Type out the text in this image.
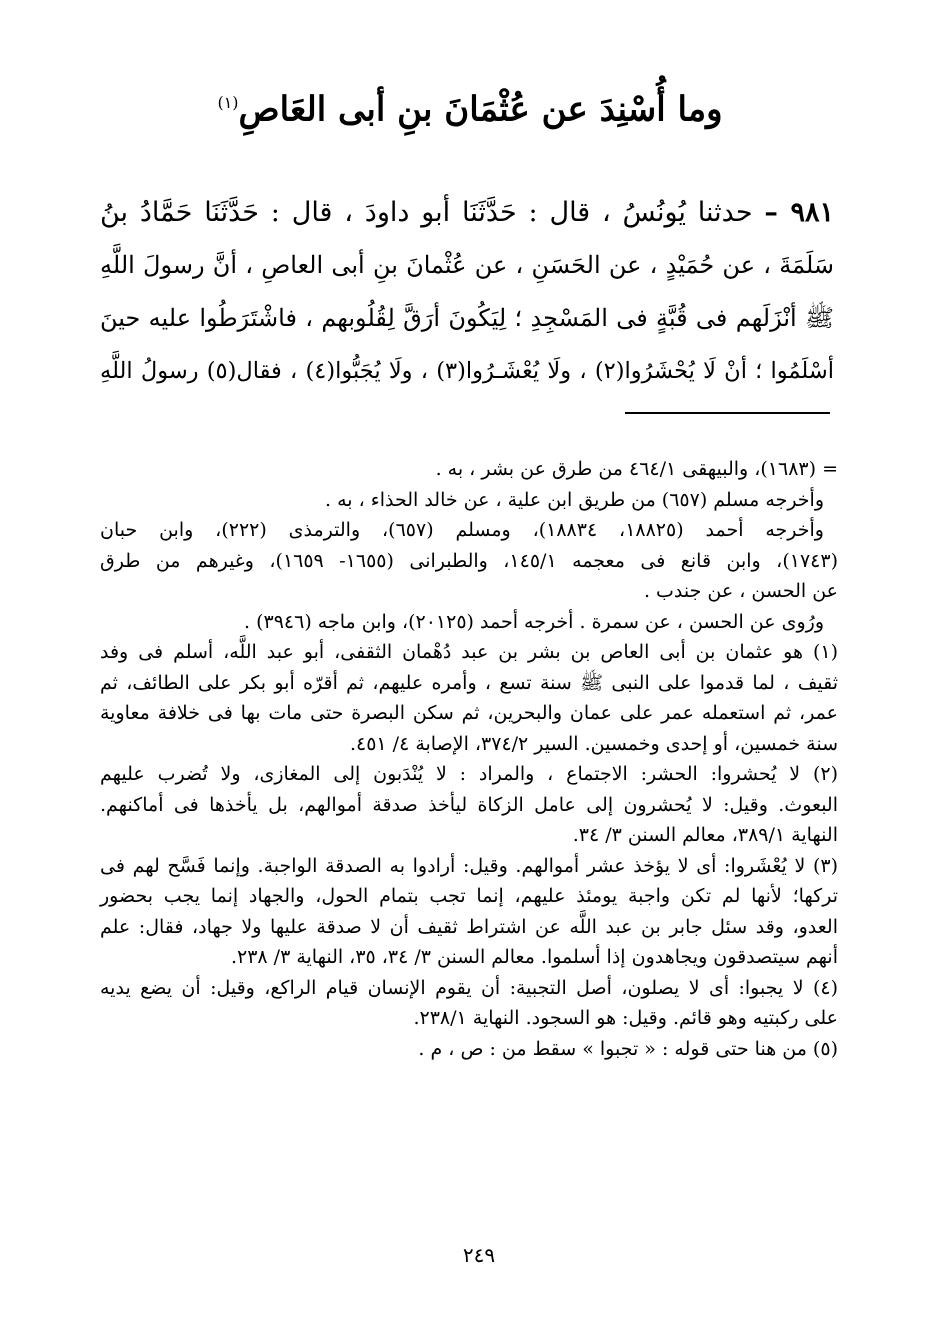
وما أُسْنِدَ عن عُثْمَانَ بنِ أبى العَاصِ$^{(١)}$
٩٨١ – حدثنا يُونُسُ ، قال : حَدَّثَنَا أبو داودَ ، قال : حَدَّثَنَا حَمَّادُ بنُ
سَلَمَةَ ، عن حُمَيْدٍ ، عن الحَسَنِ ، عن عُثْمانَ بنِ أبى العاصِ ، أنَّ رسولَ اللَّهِ
ﷺ أنْزَلَهم فى قُبَّةٍ فى المَسْجِدِ ؛ لِيَكُونَ أرَقَّ لِقُلُوبهم ، فاشْتَرَطُوا عليه حينَ
أسْلَمُوا ؛ أنْ لَا يُحْشَرُوا(٢) ، ولَا يُعْشَـرُوا(٣) ، ولَا يُجَبُّوا(٤) ، فقال(٥) رسولُ اللَّهِ
= (١٦٨٣)، والبيهقى ٤٦٤/١ من طرق عن بشر ، به .
وأخرجه مسلم (٦٥٧) من طريق ابن علية ، عن خالد الحذاء ، به .
وأخرجه أحمد (١٨٨٢٥، ١٨٨٣٤)، ومسلم (٦٥٧)، والترمذى (٢٢٢)، وابن حبان
(١٧٤٣)، وابن قانع فى معجمه ١٤٥/١، والطبرانى (١٦٥٥- ١٦٥٩)، وغيرهم من طرق
عن الحسن ، عن جندب .
ورُوى عن الحسن ، عن سمرة . أخرجه أحمد (٢٠١٢٥)، وابن ماجه (٣٩٤٦) .
(١) هو عثمان بن أبى العاص بن بشر بن عبد دُهْمان الثقفى، أبو عبد اللَّه، أسلم فى وفد
ثقيف ، لما قدموا على النبى ﷺ سنة تسع ، وأمره عليهم، ثم أقرّه أبو بكر على الطائف، ثم
عمر، ثم استعمله عمر على عمان والبحرين، ثم سكن البصرة حتى مات بها فى خلافة معاوية
سنة خمسين، أو إحدى وخمسين. السير ٣٧٤/٢، الإصابة ٤/ ٤٥١.
(٢) لا يُحشروا: الحشر: الاجتماع ، والمراد : لا يُنْدَبون إلى المغازى، ولا تُضرب عليهم
البعوث. وقيل: لا يُحشرون إلى عامل الزكاة ليأخذ صدقة أموالهم، بل يأخذها فى أماكنهم.
النهاية ٣٨٩/١، معالم السنن ٣/ ٣٤.
(٣) لا يُعْشَروا: أى لا يؤخذ عشر أموالهم. وقيل: أرادوا به الصدقة الواجبة. وإنما فَسَّح لهم فى
تركها؛ لأنها لم تكن واجبة يومئذ عليهم، إنما تجب بتمام الحول، والجهاد إنما يجب بحضور
العدو، وقد سئل جابر بن عبد اللَّه عن اشتراط ثقيف أن لا صدقة عليها ولا جهاد، فقال: علم
أنهم سيتصدقون ويجاهدون إذا أسلموا. معالم السنن ٣/ ٣٤، ٣٥، النهاية ٣/ ٢٣٨.
(٤) لا يجبوا: أى لا يصلون، أصل التجبية: أن يقوم الإنسان قيام الراكع، وقيل: أن يضع يديه
على ركبتيه وهو قائم. وقيل: هو السجود. النهاية ٢٣٨/١.
(٥) من هنا حتى قوله : « تجبوا » سقط من : ص ، م .
٢٤٩
